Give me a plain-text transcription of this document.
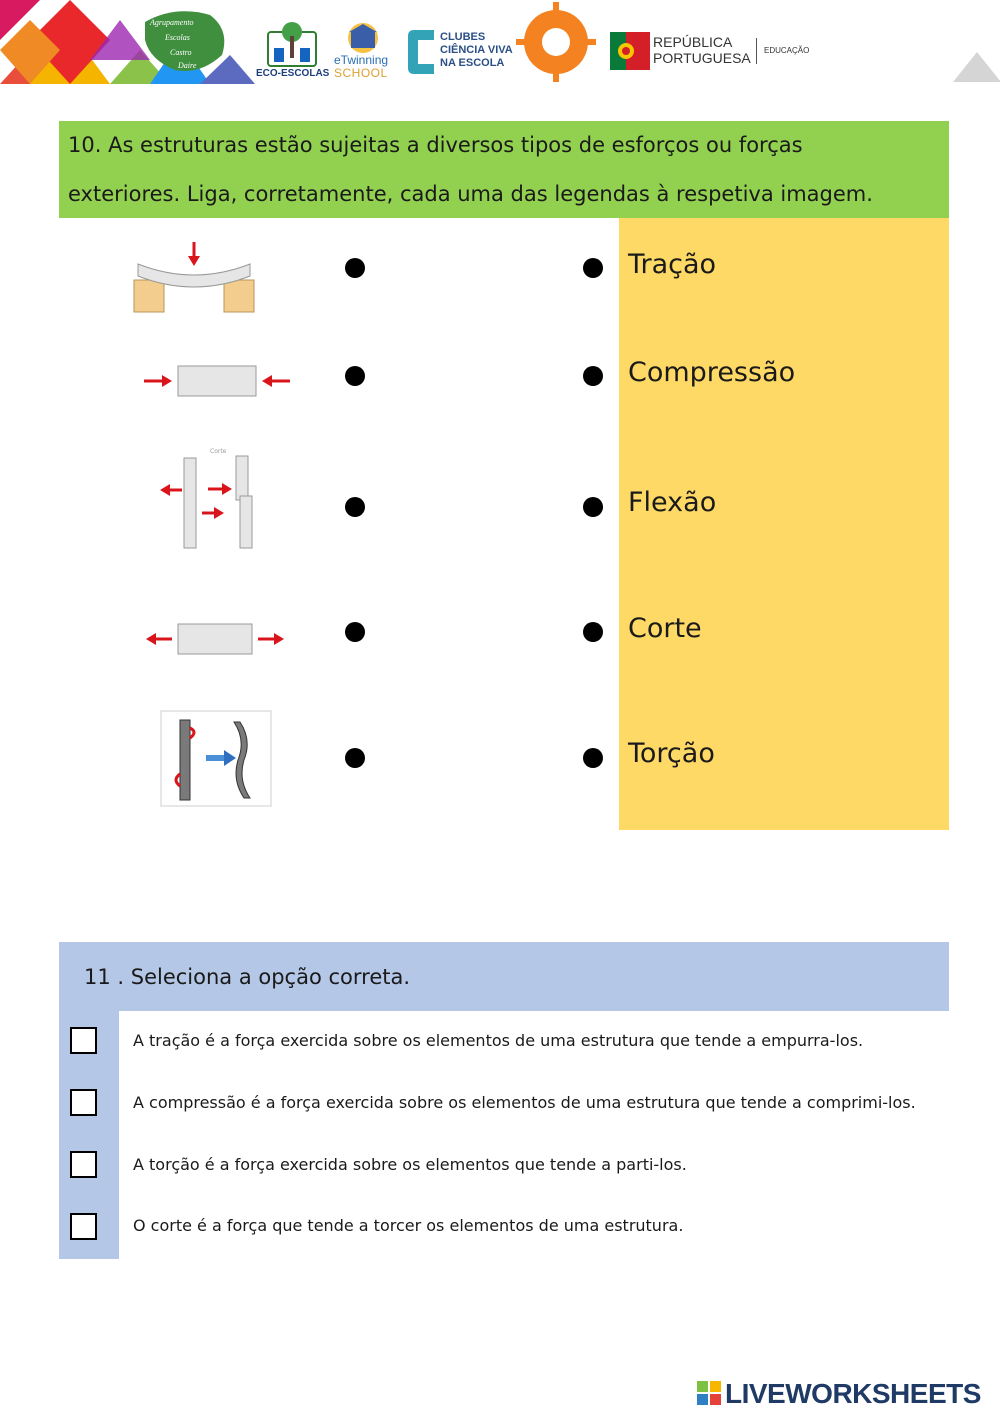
Agrupamento
Escolas
Castro
Daire
ECO-ESCOLAS
eTwinning
SCHOOL
CLUBES
CIÊNCIA VIVA
NA ESCOLA
REPÚBLICA
PORTUGUESA EDUCAÇÃO
10. As estruturas estão sujeitas a diversos tipos de esforços ou forças
exteriores. Liga, corretamente, cada uma das legendas à respetiva imagem.
Corte
Tração
Compressão
Flexão
Corte
Torção
11 . Seleciona a opção correta.
A tração é a força exercida sobre os elementos de uma estrutura que tende a empurra-los.
A compressão é a força exercida sobre os elementos de uma estrutura que tende a comprimi-los.
A torção é a força exercida sobre os elementos que tende a parti-los.
O corte é a força que tende a torcer os elementos de uma estrutura.
LIVEWORKSHEETS
